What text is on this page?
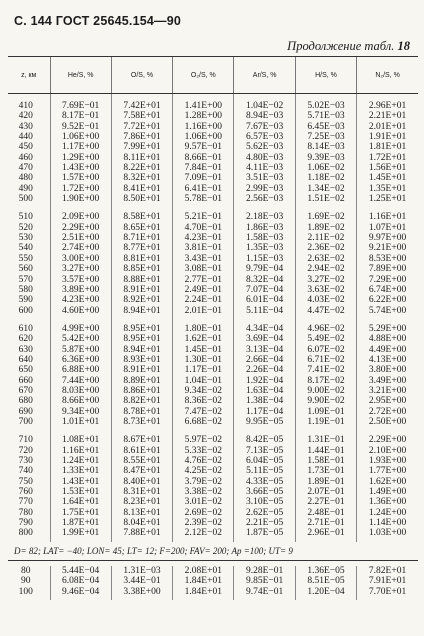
С. 144 ГОСТ 25645.154—90
Продолжение табл. 18
z, км	He/S, %	O/S, %	O₂/S, %	Ar/S, %	H/S, %	N₂/S, %
410	7.69E−01	7.42E+01	1.41E+00	1.04E−02	5.02E−03	2.96E+01
420	8.17E−01	7.58E+01	1.28E+00	8.94E−03	5.71E−03	2.21E+01
430	9.52E−01	7.72E+01	1.16E+00	7.67E−03	6.45E−03	2.01E+01
440	1.06E+00	7.86E+01	1.06E+00	6.57E−03	7.25E−03	1.91E+01
450	1.17E+00	7.99E+01	9.57E−01	5.62E−03	8.14E−03	1.81E+01
460	1.29E+00	8.11E+01	8.66E−01	4.80E−03	9.39E−03	1.72E+01
470	1.43E+00	8.22E+01	7.84E−01	4.11E−03	1.06E−02	1.56E+01
480	1.57E+00	8.32E+01	7.09E−01	3.51E−03	1.18E−02	1.45E+01
490	1.72E+00	8.41E+01	6.41E−01	2.99E−03	1.34E−02	1.35E+01
500	1.90E+00	8.50E+01	5.78E−01	2.56E−03	1.51E−02	1.25E+01
510	2.09E+00	8.58E+01	5.21E−01	2.18E−03	1.69E−02	1.16E+01
520	2.29E+00	8.65E+01	4.70E−01	1.86E−03	1.89E−02	1.07E+01
530	2.51E+00	8.71E+01	4.23E−01	1.58E−03	2.11E−02	9.97E+00
540	2.74E+00	8.77E+01	3.81E−01	1.35E−03	2.36E−02	9.21E+00
550	3.00E+00	8.81E+01	3.43E−01	1.15E−03	2.63E−02	8.53E+00
560	3.27E+00	8.85E+01	3.08E−01	9.79E−04	2.94E−02	7.89E+00
570	3.57E+00	8.88E+01	2.77E−01	8.32E−04	3.27E−02	7.29E+00
580	3.89E+00	8.91E+01	2.49E−01	7.07E−04	3.63E−02	6.74E+00
590	4.23E+00	8.92E+01	2.24E−01	6.01E−04	4.03E−02	6.22E+00
600	4.60E+00	8.94E+01	2.01E−01	5.11E−04	4.47E−02	5.74E+00
610	4.99E+00	8.95E+01	1.80E−01	4.34E−04	4.96E−02	5.29E+00
620	5.42E+00	8.95E+01	1.62E−01	3.69E−04	5.49E−02	4.88E+00
630	5.87E+00	8.94E+01	1.45E−01	3.13E−04	6.07E−02	4.49E+00
640	6.36E+00	8.93E+01	1.30E−01	2.66E−04	6.71E−02	4.13E+00
650	6.88E+00	8.91E+01	1.17E−01	2.26E−04	7.41E−02	3.80E+00
660	7.44E+00	8.89E+01	1.04E−01	1.92E−04	8.17E−02	3.49E+00
670	8.03E+00	8.86E+01	9.34E−02	1.63E−04	9.00E−02	3.21E+00
680	8.66E+00	8.82E+01	8.36E−02	1.38E−04	9.90E−02	2.95E+00
690	9.34E+00	8.78E+01	7.47E−02	1.17E−04	1.09E−01	2.72E+00
700	1.01E+01	8.73E+01	6.68E−02	9.95E−05	1.19E−01	2.50E+00
710	1.08E+01	8.67E+01	5.97E−02	8.42E−05	1.31E−01	2.29E+00
720	1.16E+01	8.61E+01	5.33E−02	7.13E−05	1.44E−01	2.10E+00
730	1.24E+01	8.55E+01	4.76E−02	6.04E−05	1.58E−01	1.93E+00
740	1.33E+01	8.47E+01	4.25E−02	5.11E−05	1.73E−01	1.77E+00
750	1.43E+01	8.40E+01	3.79E−02	4.33E−05	1.89E−01	1.62E+00
760	1.53E+01	8.31E+01	3.38E−02	3.66E−05	2.07E−01	1.49E+00
770	1.64E+01	8.23E+01	3.01E−02	3.10E−05	2.27E−01	1.36E+00
780	1.75E+01	8.13E+01	2.69E−02	2.62E−05	2.48E−01	1.24E+00
790	1.87E+01	8.04E+01	2.39E−02	2.21E−05	2.71E−01	1.14E+00
800	1.99E+01	7.88E+01	2.12E−02	1.87E−05	2.96E−01	1.03E+00
D= 82; LAT= −40; LON= 45; LT= 12; F=200; FAV= 200; Ap =100; UT= 9
80	5.44E−04	1.31E−03	2.08E+01	9.28E−01	1.36E−05	7.82E+01
90	6.08E−04	3.44E−01	1.84E+01	9.85E−01	8.51E−05	7.91E+01
100	9.46E−04	3.38E+00	1.84E+01	9.74E−01	1.20E−04	7.70E+01
